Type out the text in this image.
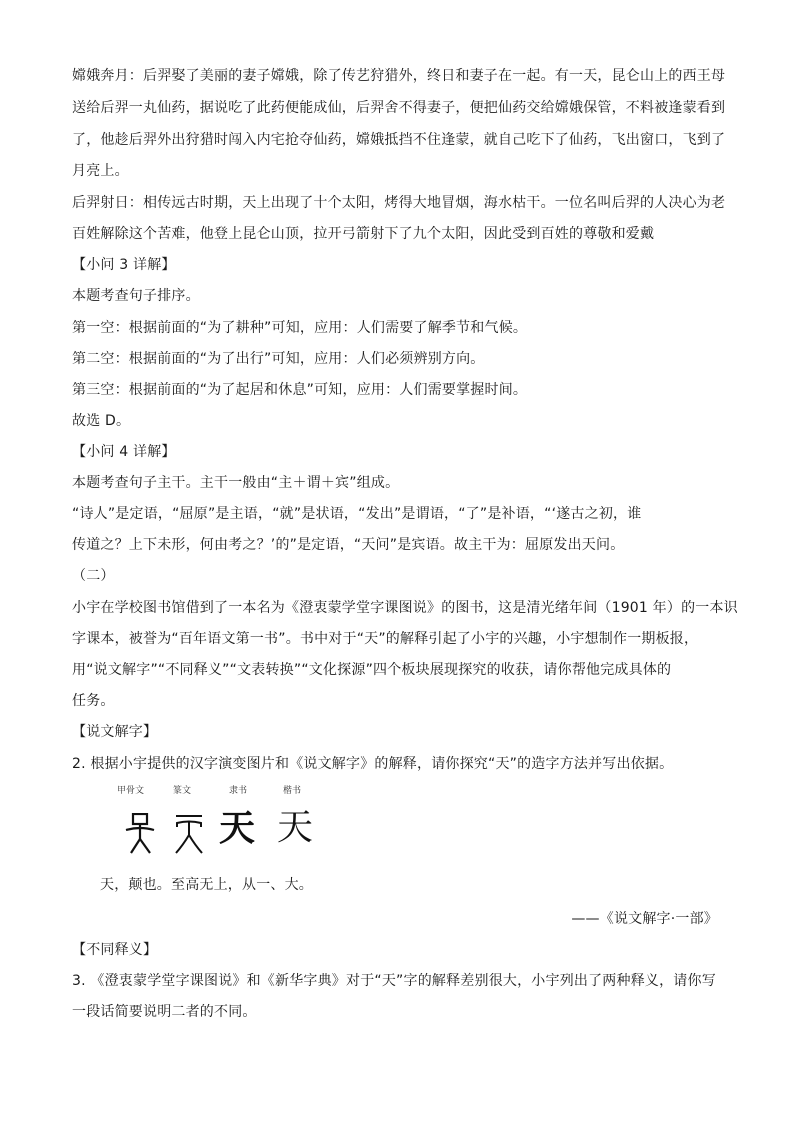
嫦娥奔月：后羿娶了美丽的妻子嫦娥，除了传艺狩猎外，终日和妻子在一起。有一天，昆仑山上的西王母
送给后羿一丸仙药，据说吃了此药便能成仙，后羿舍不得妻子，便把仙药交给嫦娥保管，不料被逢蒙看到
了，他趁后羿外出狩猎时闯入内宅抢夺仙药，嫦娥抵挡不住逢蒙，就自己吃下了仙药，飞出窗口，飞到了
月亮上。
后羿射日：相传远古时期，天上出现了十个太阳，烤得大地冒烟，海水枯干。一位名叫后羿的人决心为老
百姓解除这个苦难，他登上昆仑山顶，拉开弓箭射下了九个太阳，因此受到百姓的尊敬和爱戴
【小问 3 详解】
本题考查句子排序。
第一空：根据前面的“为了耕种”可知，应用：人们需要了解季节和气候。
第二空：根据前面的“为了出行”可知，应用：人们必须辨别方向。
第三空：根据前面的“为了起居和休息”可知，应用：人们需要掌握时间。
故选 D。
【小问 4 详解】
本题考查句子主干。主干一般由“主＋谓＋宾”组成。
“诗人”是定语，“屈原”是主语，“就”是状语，“发出”是谓语，“了”是补语，“‘遂古之初，谁
传道之？上下未形，何由考之？’的”是定语，“天问”是宾语。故主干为：屈原发出天问。
（二）
小宇在学校图书馆借到了一本名为《澄衷蒙学堂字课图说》的图书，这是清光绪年间（1901 年）的一本识
字课本，被誉为“百年语文第一书”。书中对于“天”的解释引起了小宇的兴趣，小宇想制作一期板报，
用“说文解字”“不同释义”“文表转换”“文化探源”四个板块展现探究的收获，请你帮他完成具体的
任务。
【说文解字】
2. 根据小宇提供的汉字演变图片和《说文解字》的解释，请你探究“天”的造字方法并写出依据。
甲骨文	篆文	隶书	楷书
天 天
天，颠也。至高无上，从一、大。
——《说文解字·一部》
【不同释义】
3. 《澄衷蒙学堂字课图说》和《新华字典》对于“天”字的解释差别很大，小宇列出了两种释义，请你写
一段话简要说明二者的不同。
